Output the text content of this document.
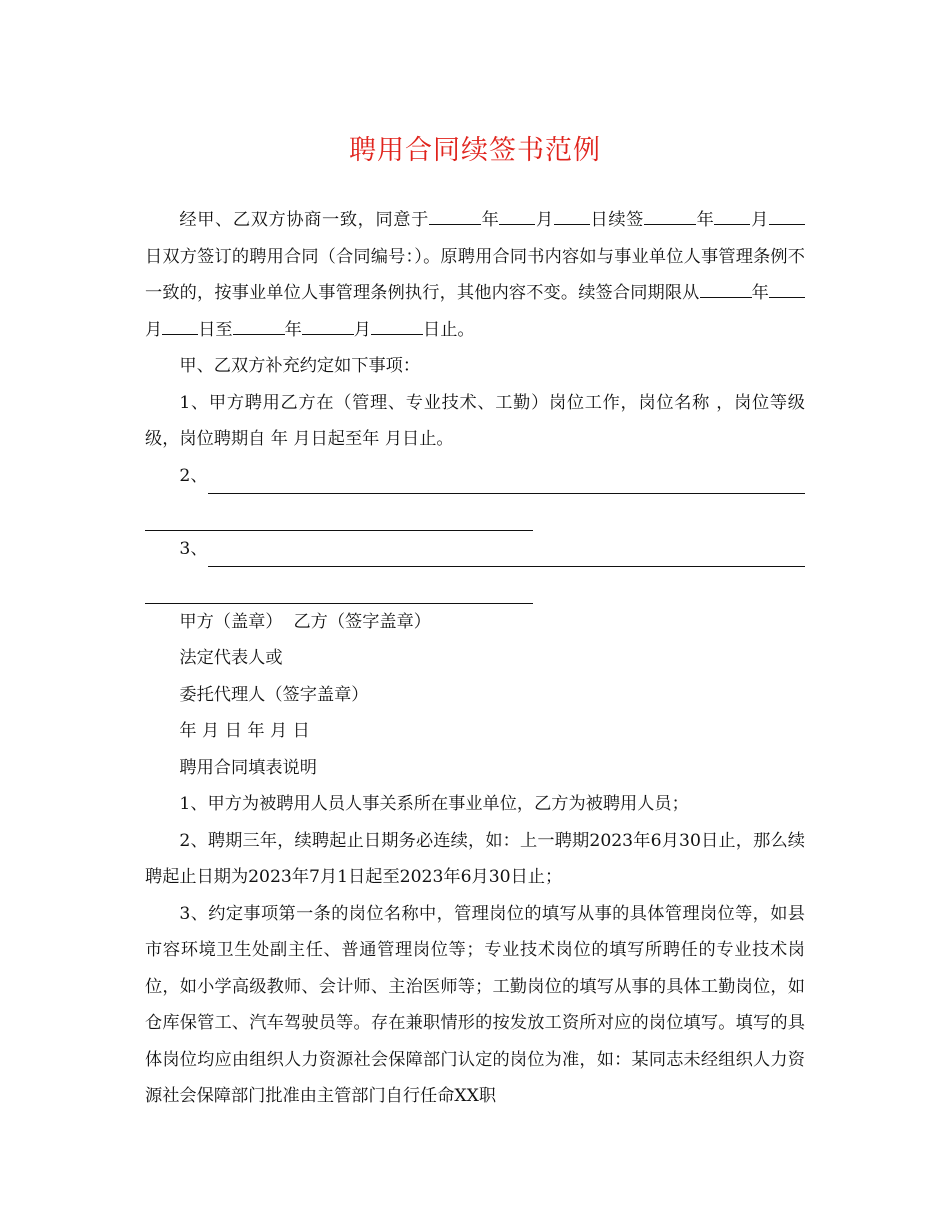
聘用合同续签书范例

经甲、乙双方协商一致，同意于	年 月 日续签	年 月日双方签订的聘用合同（合同编号：）。原聘用合同书内容如与事业单位人事管理条例不一致的，按事业单位人事管理条例执行，其他内容不变。续签合同期限从	年月 日至	年	月	日止。

甲、乙双方补充约定如下事项：

1、甲方聘用乙方在（管理、专业技术、工勤）岗位工作，岗位名称 ，岗位等级 级，岗位聘期自 年 月日起至年 月日止。

2、
3、

甲方（盖章）  乙方（签字盖章）

法定代表人或

委托代理人（签字盖章）

年 月 日 年 月 日

聘用合同填表说明

1、甲方为被聘用人员人事关系所在事业单位，乙方为被聘用人员；

2、聘期三年，续聘起止日期务必连续，如：上一聘期2023年6月30日止，那么续聘起止日期为2023年7月1日起至2023年6月30日止；

3、约定事项第一条的岗位名称中，管理岗位的填写从事的具体管理岗位等，如县市容环境卫生处副主任、普通管理岗位等；专业技术岗位的填写所聘任的专业技术岗位，如小学高级教师、会计师、主治医师等；工勤岗位的填写从事的具体工勤岗位，如仓库保管工、汽车驾驶员等。存在兼职情形的按发放工资所对应的岗位填写。填写的具体岗位均应由组织人力资源社会保障部门认定的岗位为准，如：某同志未经组织人力资源社会保障部门批准由主管部门自行任命XX职
